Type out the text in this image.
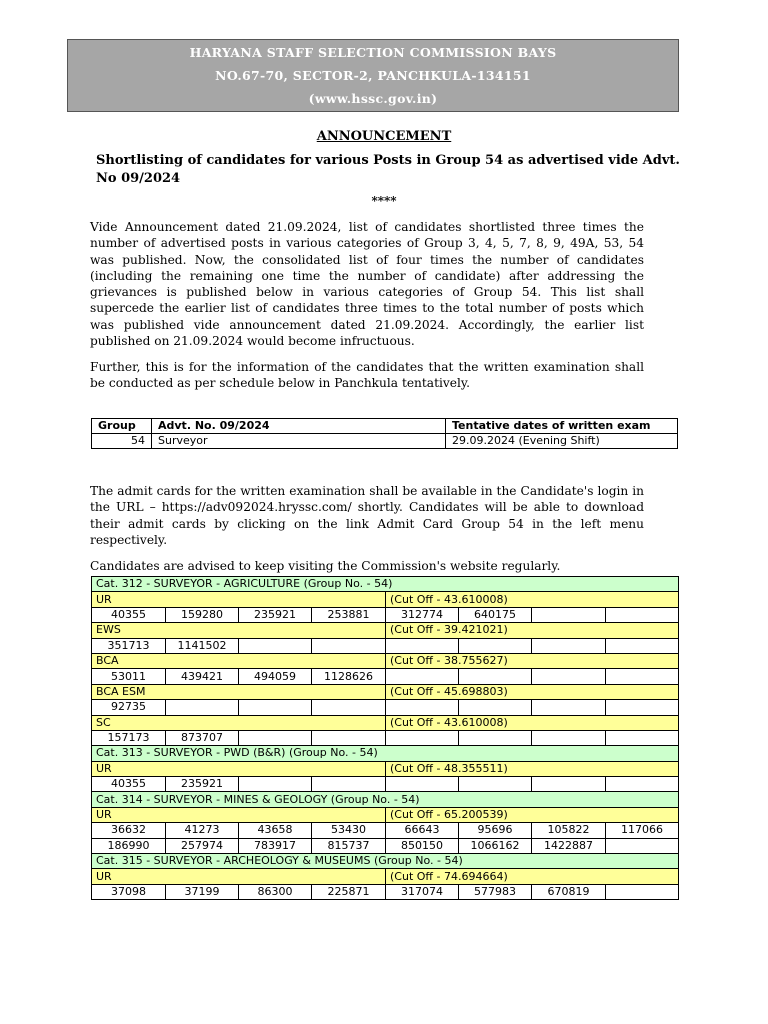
HARYANA STAFF SELECTION COMMISSION BAYS
NO.67-70, SECTOR-2, PANCHKULA-134151
(www.hssc.gov.in)
ANNOUNCEMENT
Shortlisting of candidates for various Posts in Group 54 as advertised vide Advt. No 09/2024
****
Vide Announcement dated 21.09.2024, list of candidates shortlisted three times the number of advertised posts in various categories of Group 3, 4, 5, 7, 8, 9, 49A, 53, 54 was published. Now, the consolidated list of four times the number of candidates (including the remaining one time the number of candidate) after addressing the grievances is published below in various categories of Group 54. This list shall supercede the earlier list of candidates three times to the total number of posts which was published vide announcement dated 21.09.2024. Accordingly, the earlier list published on 21.09.2024 would become infructuous.
Further, this is for the information of the candidates that the written examination shall be conducted as per schedule below in Panchkula tentatively.
Group	Advt. No. 09/2024	Tentative dates of written exam
54	Surveyor	29.09.2024 (Evening Shift)
The admit cards for the written examination shall be available in the Candidate's login in the URL – https://adv092024.hryssc.com/ shortly. Candidates will be able to download their admit cards by clicking on the link Admit Card Group 54 in the left menu respectively.
Candidates are advised to keep visiting the Commission's website regularly.
Cat. 312 - SURVEYOR - AGRICULTURE (Group No. - 54)							
UR				(Cut Off - 43.610008)			
40355	159280	235921	253881	312774	640175		
EWS				(Cut Off - 39.421021)			
351713	1141502						
BCA				(Cut Off - 38.755627)			
53011	439421	494059	1128626				
BCA ESM				(Cut Off - 45.698803)			
92735							
SC				(Cut Off - 43.610008)			
157173	873707						
Cat. 313 - SURVEYOR - PWD (B&R) (Group No. - 54)							
UR				(Cut Off - 48.355511)			
40355	235921						
Cat. 314 - SURVEYOR - MINES & GEOLOGY (Group No. - 54)							
UR				(Cut Off - 65.200539)			
36632	41273	43658	53430	66643	95696	105822	117066
186990	257974	783917	815737	850150	1066162	1422887	
Cat. 315 - SURVEYOR - ARCHEOLOGY & MUSEUMS (Group No. - 54)							
UR				(Cut Off - 74.694664)			
37098	37199	86300	225871	317074	577983	670819	
